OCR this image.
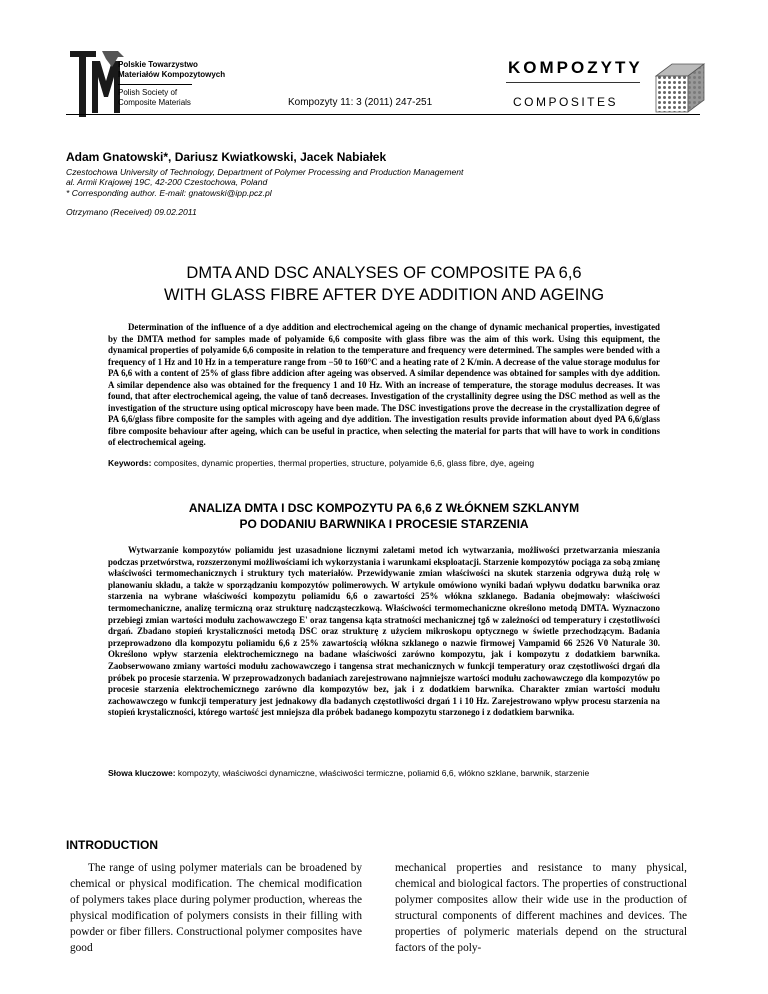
Polskie Towarzystwo
Materiałów Kompozytowych
Polish Society of
Composite Materials	Kompozyty 11: 3 (2011) 247-251
KOMPOZYTY
COMPOSITES
Adam Gnatowski*, Dariusz Kwiatkowski, Jacek Nabiałek
Czestochowa University of Technology, Department of Polymer Processing and Production Management
al. Armii Krajowej 19C, 42-200 Czestochowa, Poland
* Corresponding author. E-mail: gnatowski@ipp.pcz.pl
Otrzymano (Received) 09.02.2011
DMTA AND DSC ANALYSES OF COMPOSITE PA 6,6
WITH GLASS FIBRE AFTER DYE ADDITION AND AGEING
Determination of the influence of a dye addition and electrochemical ageing on the change of dynamic mechanical properties, investigated by the DMTA method for samples made of polyamide 6,6 composite with glass fibre was the aim of this work. Using this equipment, the dynamical properties of polyamide 6,6 composite in relation to the temperature and frequency were determined. The samples were bended with a frequency of 1 Hz and 10 Hz in a temperature range from −50 to 160°C and a heating rate of 2 K/min. A decrease of the value storage modulus for PA 6,6 with a content of 25% of glass fibre addicion after ageing was observed. A similar dependence was obtained for samples with dye addition. A similar dependence also was obtained for the frequency 1 and 10 Hz. With an increase of temperature, the storage modulus decreases. It was found, that after electrochemical ageing, the value of tanδ decreases. Investigation of the crystallinity degree using the DSC method as well as the investigation of the structure using optical microscopy have been made. The DSC investigations prove the decrease in the crystallization degree of PA 6,6/glass fibre composite for the samples with ageing and dye addition. The investigation results provide information about dyed PA 6,6/glass fibre composite behaviour after ageing, which can be useful in practice, when selecting the material for parts that will have to work in conditions of electrochemical ageing.
Keywords: composites, dynamic properties, thermal properties, structure, polyamide 6,6, glass fibre, dye, ageing
ANALIZA DMTA I DSC KOMPOZYTU PA 6,6 Z WŁÓKNEM SZKLANYM
PO DODANIU BARWNIKA I PROCESIE STARZENIA
Wytwarzanie kompozytów poliamidu jest uzasadnione licznymi zaletami metod ich wytwarzania, możliwości przetwarzania mieszania podczas przetwórstwa, rozszerzonymi możliwościami ich wykorzystania i warunkami eksploatacji. Starzenie kompozytów pociąga za sobą zmianę właściwości termomechanicznych i struktury tych materiałów. Przewidywanie zmian właściwości na skutek starzenia odgrywa dużą rolę w planowaniu składu, a także w sporządzaniu kompozytów polimerowych. W artykule omówiono wyniki badań wpływu dodatku barwnika oraz starzenia na wybrane właściwości kompozytu poliamidu 6,6 o zawartości 25% włókna szklanego. Badania obejmowały: właściwości termomechaniczne, analizę termiczną oraz strukturę nadcząsteczkową. Właściwości termomechaniczne określono metodą DMTA. Wyznaczono przebiegi zmian wartości modułu zachowawczego E' oraz tangensa kąta stratności mechanicznej tgδ w zależności od temperatury i częstotliwości drgań. Zbadano stopień krystaliczności metodą DSC oraz strukturę z użyciem mikroskopu optycznego w świetle przechodzącym. Badania przeprowadzono dla kompozytu poliamidu 6,6 z 25% zawartością włókna szklanego o nazwie firmowej Vampamid 66 2526 V0 Naturale 30. Określono wpływ starzenia elektrochemicznego na badane właściwości zarówno kompozytu, jak i kompozytu z dodatkiem barwnika. Zaobserwowano zmiany wartości modułu zachowawczego i tangensa strat mechanicznych w funkcji temperatury oraz częstotliwości drgań dla próbek po procesie starzenia. W przeprowadzonych badaniach zarejestrowano najmniejsze wartości modułu zachowawczego dla kompozytów po procesie starzenia elektrochemicznego zarówno dla kompozytów bez, jak i z dodatkiem barwnika. Charakter zmian wartości modułu zachowawczego w funkcji temperatury jest jednakowy dla badanych częstotliwości drgań 1 i 10 Hz. Zarejestrowano wpływ procesu starzenia na stopień krystaliczności, którego wartość jest mniejsza dla próbek badanego kompozytu starzonego i z dodatkiem barwnika.
Słowa kluczowe: kompozyty, właściwości dynamiczne, właściwości termiczne, poliamid 6,6, włókno szklane, barwnik, starzenie
INTRODUCTION
The range of using polymer materials can be broadened by chemical or physical modification. The chemical modification of polymers takes place during polymer production, whereas the physical modification of polymers consists in their filling with powder or fiber fillers. Constructional polymer composites have good
mechanical properties and resistance to many physical, chemical and biological factors. The properties of constructional polymer composites allow their wide use in the production of structural components of different machines and devices. The properties of polymeric materials depend on the structural factors of the poly-
